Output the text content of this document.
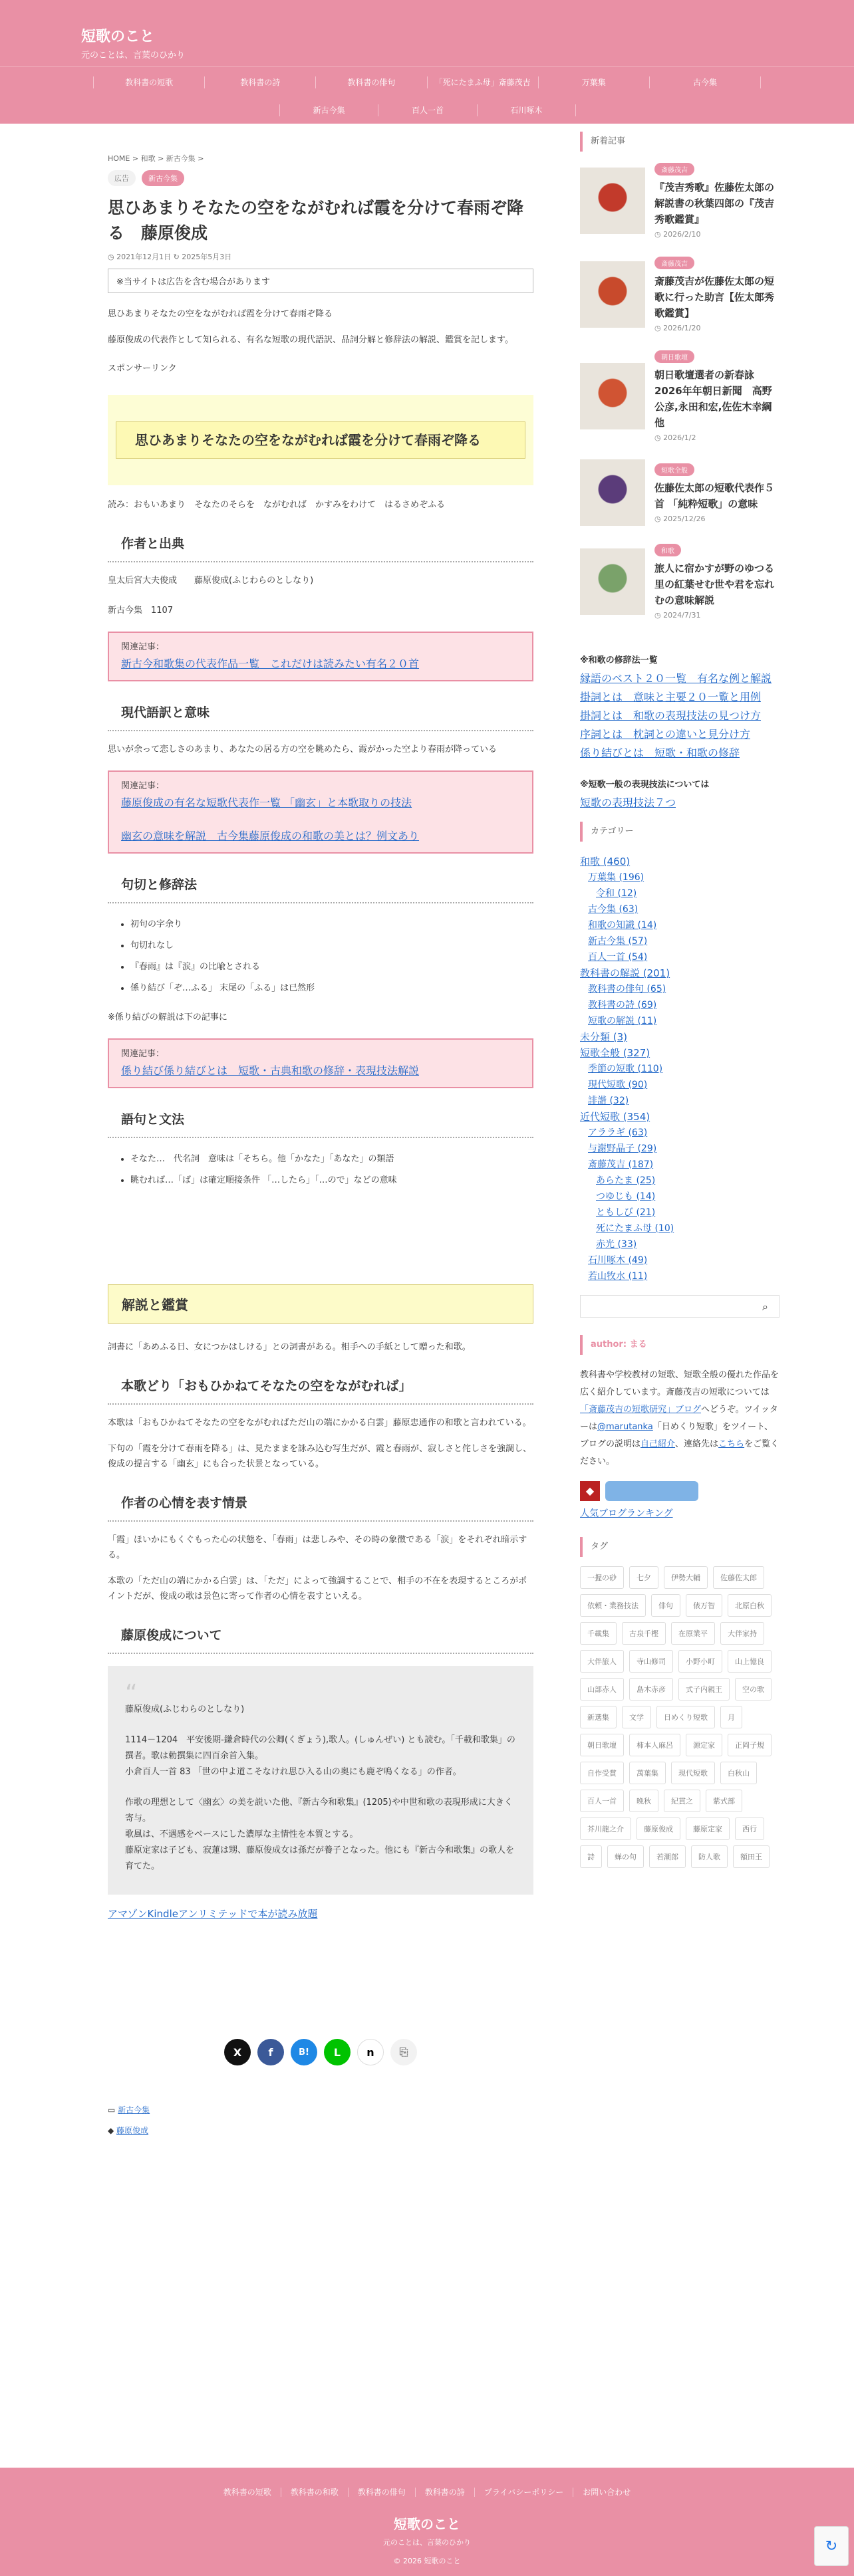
短歌のこと
元のことは、言葉のひかり
教科書の短歌	教科書の詩	教科書の俳句	「死にたまふ母」斎藤茂吉	万葉集	古今集
新古今集	百人一首	石川啄木
HOME > 和歌 > 新古今集 >
広告	新古今集
思ひあまりそなたの空をながむれば霞を分けて春雨ぞ降る　藤原俊成
◷ 2021年12月1日 ↻ 2025年5月3日
※当サイトは広告を含む場合があります
思ひあまりそなたの空をながむれば霞を分けて春雨ぞ降る
藤原俊成の代表作として知られる、有名な短歌の現代語訳、品詞分解と修辞法の解説、鑑賞を記します。
スポンサーリンク
思ひあまりそなたの空をながむれば霞を分けて春雨ぞ降る
読み：おもいあまり　そなたのそらを　ながむれば　かすみをわけて　はるさめぞふる
作者と出典
皇太后宮大夫俊成　　藤原俊成(ふじわらのとしなり)
新古今集　1107
関連記事：
新古今和歌集の代表作品一覧　これだけは読みたい有名２０首
現代語訳と意味
思いが余って恋しさのあまり、あなたの居る方の空を眺めたら、霞がかった空より春雨が降っている
関連記事：
藤原俊成の有名な短歌代表作一覧 「幽玄」と本歌取りの技法
幽玄の意味を解説　古今集藤原俊成の和歌の美とは？例文あり
句切と修辞法
• 初句の字余り
• 句切れなし
• 『春雨』は『涙』の比喩とされる
• 係り結び「ぞ…ふる」 末尾の「ふる」は已然形
※係り結びの解説は下の記事に
関連記事：
係り結び係り結びとは　短歌・古典和歌の修辞・表現技法解説
語句と文法
• そなた…　代名詞　意味は「そちら。他「かなた」「あなた」の類語
• 眺むれば…「ば」は確定順接条件 「…したら」「…ので」などの意味
解説と鑑賞
詞書に「あめふる日、女につかはしける」との詞書がある。相手への手紙として贈った和歌。
本歌どり「おもひかねてそなたの空をながむれば」
本歌は「おもひかねてそなたの空をながむればただ山の端にかかる白雲」藤原忠通作の和歌と言われている。
下句の「霞を分けて春雨を降る」は、見たままを詠み込む写生だが、霞と春雨が、寂しさと侘しさを強調し、俊成の提言する「幽玄」にも合った状景となっている。
作者の心情を表す情景
「霞」ほいかにもくぐもった心の状態を、「春雨」は悲しみや、その時の象徴である「涙」をそれぞれ暗示する。
本歌の「ただ山の端にかかる白雲」は、「ただ」によって強調することで、相手の不在を表現するところがポイントだが、俊成の歌は景色に寄って作者の心情を表すといえる。
藤原俊成について
“
藤原俊成(ふじわらのとしなり)
1114－1204　平安後期-鎌倉時代の公卿(くぎょう),歌人。(しゅんぜい) とも読む。「千載和歌集」の撰者。歌は勅撰集に四百余首入集。
小倉百人一首 83 「世の中よ道こそなけれ思ひ入る山の奥にも鹿ぞ鳴くなる」の作者。
作歌の理想として〈幽玄〉の美を説いた他、『新古今和歌集』(1205)や中世和歌の表現形成に大きく寄与。
歌風は、不遇感をベースにした濃厚な主情性を本質とする。
藤原定家は子ども、寂蓮は甥、藤原俊成女は孫だが養子となった。他にも『新古今和歌集』の歌人を育てた。
アマゾンKindleアンリミテッドで本が読み放題
X	f	B!	L	n	⎘
▭ 新古今集
◆ 藤原俊成
新着記事
斎藤茂吉
『茂吉秀歌』佐藤佐太郎の解説書の秋葉四郎の『茂吉秀歌鑑賞』
◷ 2026/2/10
斎藤茂吉
斎藤茂吉が佐藤佐太郎の短歌に行った助言【佐太郎秀歌鑑賞】
◷ 2026/1/20
朝日歌壇
朝日歌壇選者の新春詠2026年年朝日新聞　高野公彦,永田和宏,佐佐木幸綱他
◷ 2026/1/2
短歌全般
佐藤佐太郎の短歌代表作５首 「純粋短歌」の意味
◷ 2025/12/26
和歌
旅人に宿かすが野のゆつる里の紅葉せむ世や君を忘れむの意味解説
◷ 2024/7/31
※和歌の修辞法一覧
縁語のベスト２０一覧　有名な例と解説
掛詞とは　意味と主要２０一覧と用例
掛詞とは　和歌の表現技法の見つけ方
序詞とは　枕詞との違いと見分け方
係り結びとは　短歌・和歌の修辞
※短歌一般の表現技法については
短歌の表現技法７つ
カテゴリー
和歌 (460)
万葉集 (196)
令和 (12)
古今集 (63)
和歌の知識 (14)
新古今集 (57)
百人一首 (54)
教科書の解説 (201)
教科書の俳句 (65)
教科書の詩 (69)
短歌の解説 (11)
未分類 (3)
短歌全般 (327)
季節の短歌 (110)
現代短歌 (90)
誹諧 (32)
近代短歌 (354)
アララギ (63)
与謝野晶子 (29)
斎藤茂吉 (187)
あらたま (25)
つゆじも (14)
ともしび (21)
死にたまふ母 (10)
赤光 (33)
石川啄木 (49)
若山牧水 (11)
⌕
author: まる
教科書や学校教材の短歌、短歌全般の優れた作品を広く紹介しています。斎藤茂吉の短歌については「斎藤茂吉の短歌研究」ブログへどうぞ。ツイッターは@marutanka「日めくり短歌」をツイート、ブログの説明は自己紹介、連絡先はこちらをご覧ください。
◆
人気ブログランキング
タグ
一握の砂	七夕	伊勢大輔	佐藤佐太郎
依頼・業務技法	俳句	俵万智	北原白秋
千載集	古泉千樫	在原業平	大伴家持
大伴旅人	寺山修司	小野小町	山上憶良
山部赤人	島木赤彦	式子内親王	空の歌
新選集	文学	日めくり短歌	月
朝日歌壇	柿本人麻呂	源定家	正岡子規
自作受賞	萬葉集	現代短歌	白秋山
百人一首	晩秋	紀貫之	紫式部
芥川龍之介	藤原俊成	藤原定家	西行
詩	蝉の句	若潮郎	防人歌	額田王
教科書の短歌 教科書の和歌 教科書の俳句 教科書の詩 プライバシーポリシー お問い合わせ
短歌のこと
元のことは、言葉のひかり
© 2026 短歌のこと
↻
